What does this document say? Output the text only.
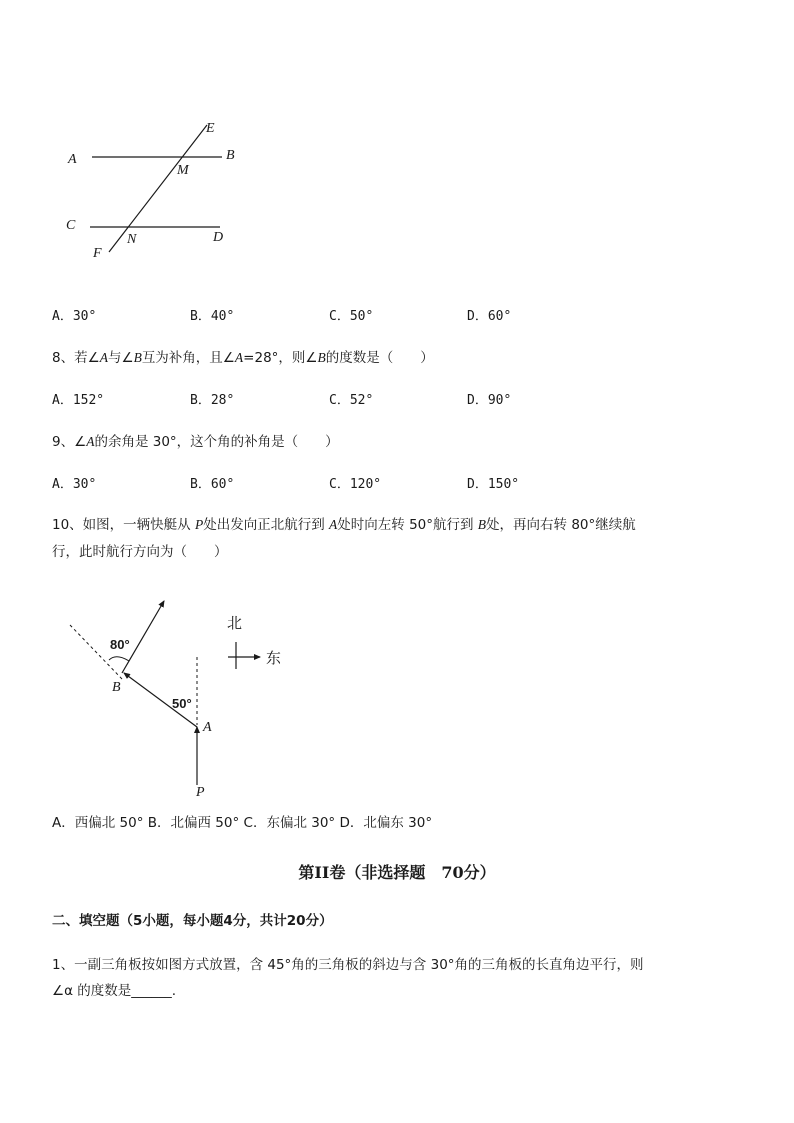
A	B
C
D
E
F
M
N
A．30°	B．40°	C．50°	D．60°
8、若∠A与∠B互为补角，且∠A=28°，则∠B的度数是（　　）
A．152°	B．28°	C．52°	D．90°
9、∠A的余角是 30°，这个角的补角是（　　）
A．30°	B．60°	C．120°	D．150°
10、如图，一辆快艇从 P处出发向正北航行到 A处时向左转 50°航行到 B处，再向右转 80°继续航
行，此时航行方向为（　　）
80°
50°
B
A
P
北
东
A．西偏北 50° B．北偏西 50° C．东偏北 30° D．北偏东 30°
第II卷（非选择题　70分）
二、填空题（5小题，每小题4分，共计20分）
1、一副三角板按如图方式放置，含 45°角的三角板的斜边与含 30°角的三角板的长直角边平行，则
∠α 的度数是______.
